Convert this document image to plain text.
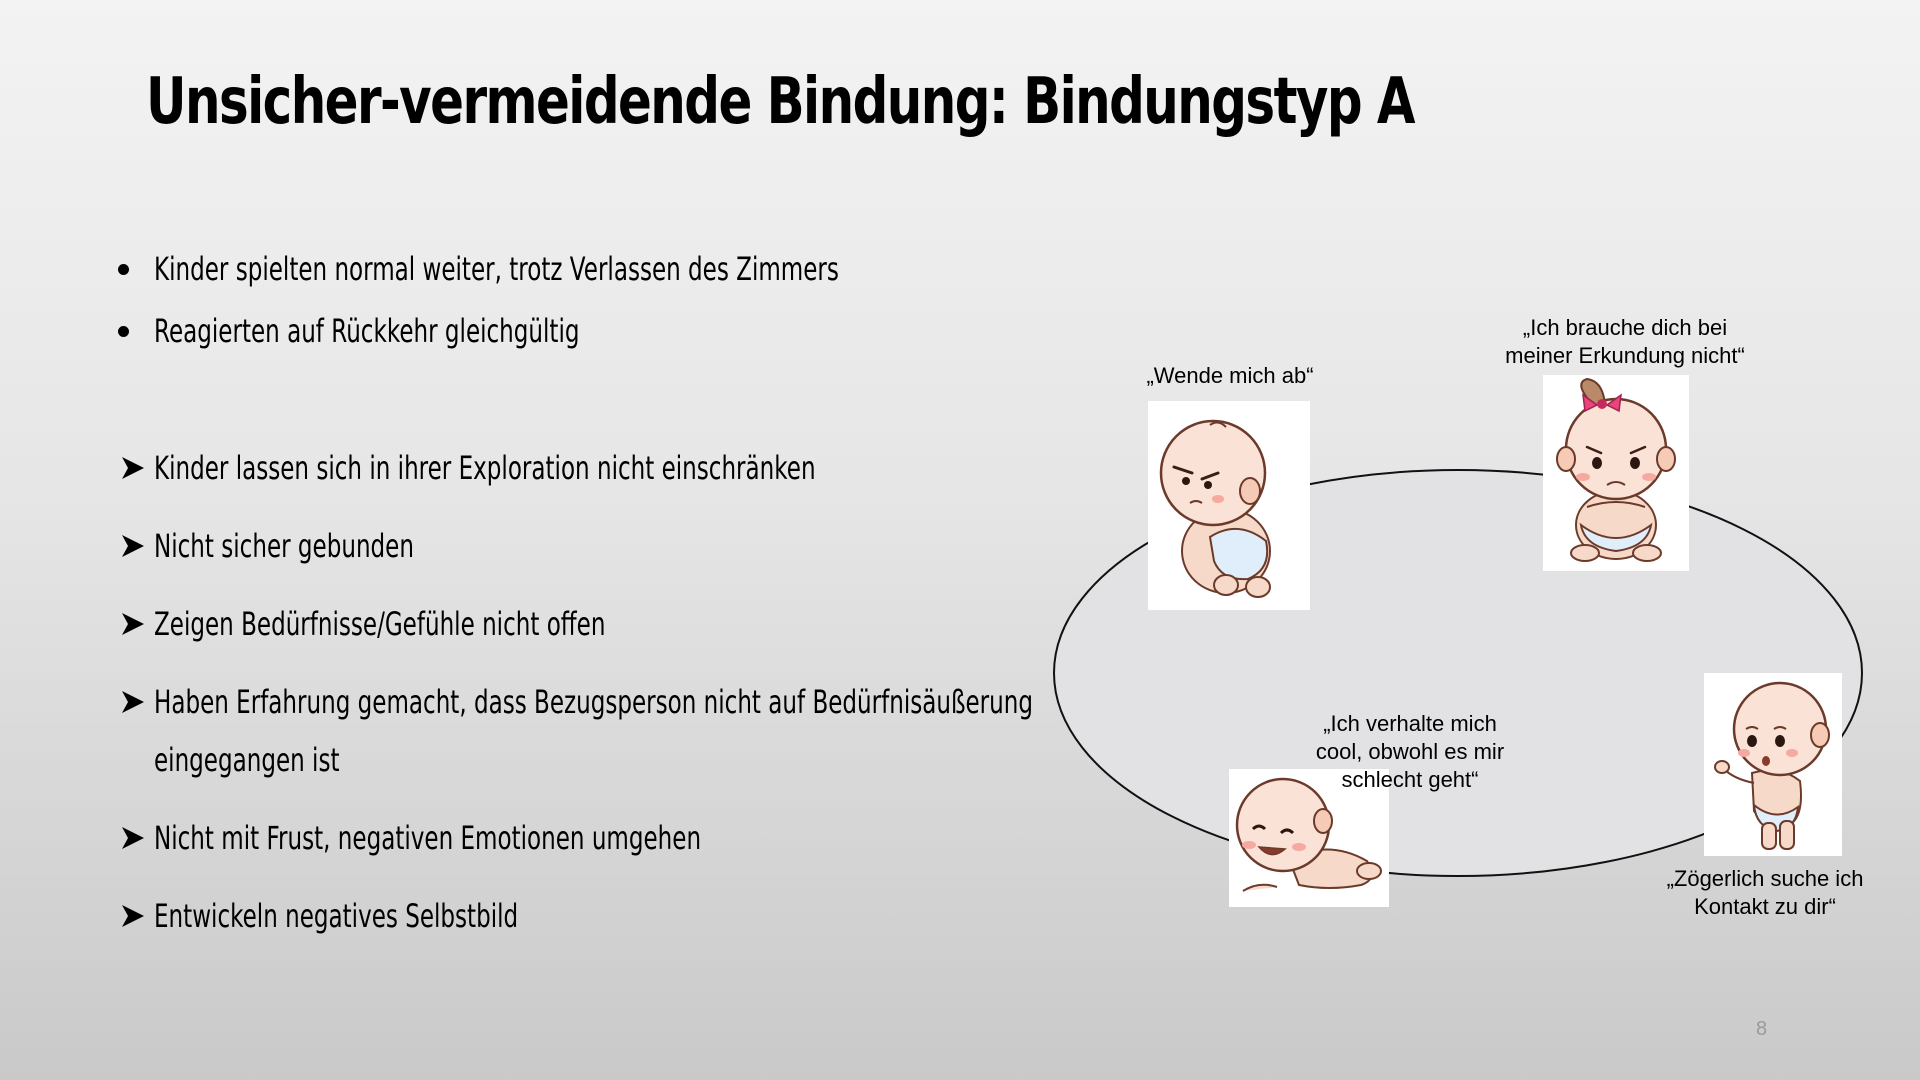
Unsicher-vermeidende Bindung: Bindungstyp A
Kinder spielten normal weiter, trotz Verlassen des Zimmers
Reagierten auf Rückkehr gleichgültig
Kinder lassen sich in ihrer Exploration nicht einschränken
Nicht sicher gebunden
Zeigen Bedürfnisse/Gefühle nicht offen
Haben Erfahrung gemacht, dass Bezugsperson nicht auf Bedürfnisäußerung
eingegangen ist
Nicht mit Frust, negativen Emotionen umgehen
Entwickeln negatives Selbstbild
„Wende mich ab“
„Ich brauche dich bei
meiner Erkundung nicht“
„Ich verhalte mich
cool, obwohl es mir
schlecht geht“
„Zögerlich suche ich
Kontakt zu dir“
8
